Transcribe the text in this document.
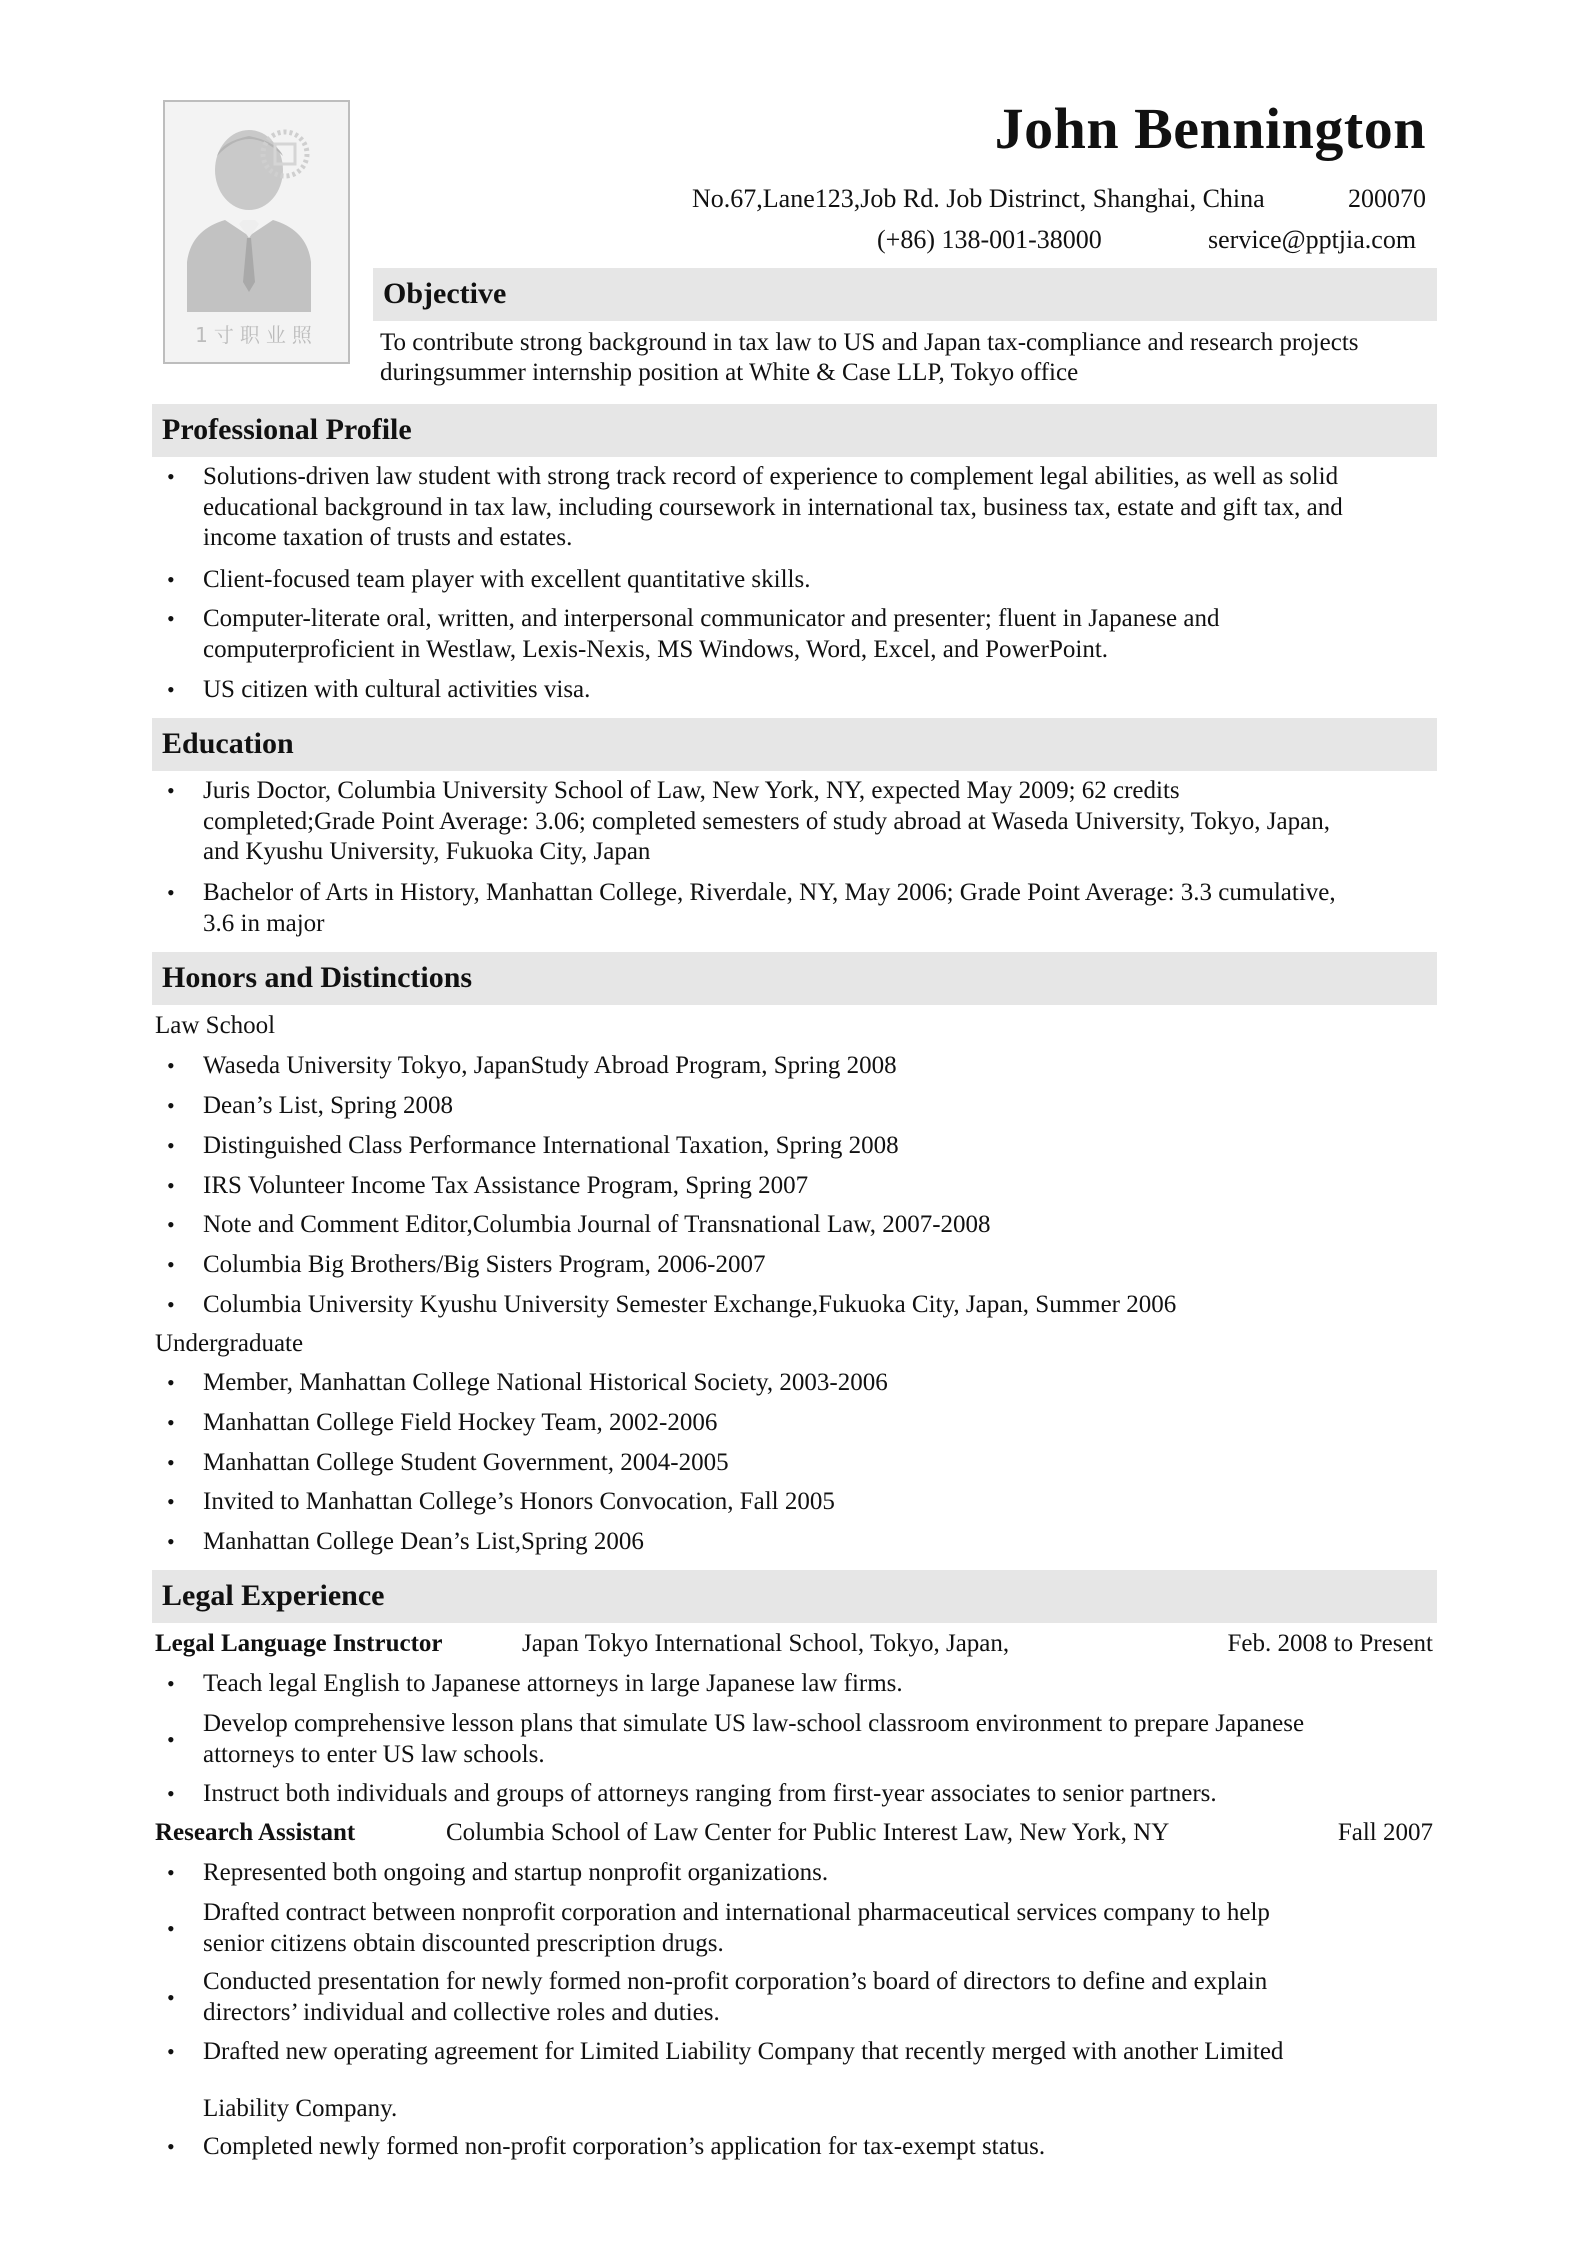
1寸职业照
John Bennington
No.67,Lane123,Job Rd. Job Distrinct, Shanghai, China	200070
(+86) 138-001-38000	service@pptjia.com
Objective
To contribute strong background in tax law to US and Japan tax-compliance and research projects
duringsummer internship position at White & Case LLP, Tokyo office
Professional Profile
• Solutions-driven law student with strong track record of experience to complement legal abilities, as well as solid
educational background in tax law, including coursework in international tax, business tax, estate and gift tax, and
income taxation of trusts and estates.
• Client-focused team player with excellent quantitative skills.
• Computer-literate oral, written, and interpersonal communicator and presenter; fluent in Japanese and
computerproficient in Westlaw, Lexis-Nexis, MS Windows, Word, Excel, and PowerPoint.
• US citizen with cultural activities visa.
Education
• Juris Doctor, Columbia University School of Law, New York, NY, expected May 2009; 62 credits
completed;Grade Point Average: 3.06; completed semesters of study abroad at Waseda University, Tokyo, Japan,
and Kyushu University, Fukuoka City, Japan
• Bachelor of Arts in History, Manhattan College, Riverdale, NY, May 2006; Grade Point Average: 3.3 cumulative,
3.6 in major
Honors and Distinctions
Law School
• Waseda University Tokyo, JapanStudy Abroad Program, Spring 2008
• Dean’s List, Spring 2008
• Distinguished Class Performance International Taxation, Spring 2008
• IRS Volunteer Income Tax Assistance Program, Spring 2007
• Note and Comment Editor,Columbia Journal of Transnational Law, 2007-2008
• Columbia Big Brothers/Big Sisters Program, 2006-2007
• Columbia University Kyushu University Semester Exchange,Fukuoka City, Japan, Summer 2006
Undergraduate
• Member, Manhattan College National Historical Society, 2003-2006
• Manhattan College Field Hockey Team, 2002-2006
• Manhattan College Student Government, 2004-2005
• Invited to Manhattan College’s Honors Convocation, Fall 2005
• Manhattan College Dean’s List,Spring 2006
Legal Experience
Legal Language Instructor	Japan Tokyo International School, Tokyo, Japan,	Feb. 2008 to Present
• Teach legal English to Japanese attorneys in large Japanese law firms.
•
Develop comprehensive lesson plans that simulate US law-school classroom environment to prepare Japanese
attorneys to enter US law schools.
• Instruct both individuals and groups of attorneys ranging from first-year associates to senior partners.
Research Assistant	Columbia School of Law Center for Public Interest Law, New York, NY	Fall 2007
• Represented both ongoing and startup nonprofit organizations.
•
Drafted contract between nonprofit corporation and international pharmaceutical services company to help
senior citizens obtain discounted prescription drugs.
•
Conducted presentation for newly formed non-profit corporation’s board of directors to define and explain
directors’ individual and collective roles and duties.
• Drafted new operating agreement for Limited Liability Company that recently merged with another Limited
Liability Company.
• Completed newly formed non-profit corporation’s application for tax-exempt status.
